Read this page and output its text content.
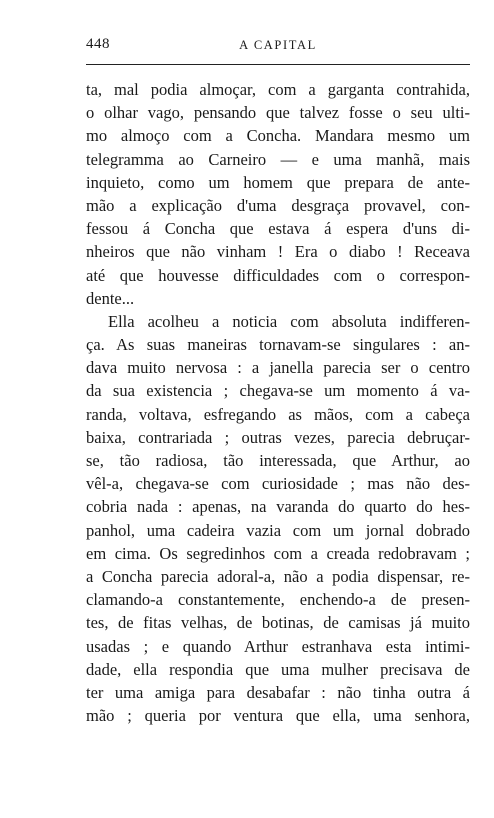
448	A CAPITAL
ta, mal podia almoçar, com a garganta contrahida,
o olhar vago, pensando que talvez fosse o seu ulti-
mo almoço com a Concha. Mandara mesmo um
telegramma ao Carneiro — e uma manhã, mais
inquieto, como um homem que prepara de ante-
mão a explicação d'uma desgraça provavel, con-
fessou á Concha que estava á espera d'uns di-
nheiros que não vinham ! Era o diabo ! Receava
até que houvesse difficuldades com o correspon-
dente...
Ella acolheu a noticia com absoluta indifferen-
ça. As suas maneiras tornavam-se singulares : an-
dava muito nervosa : a janella parecia ser o centro
da sua existencia ; chegava-se um momento á va-
randa, voltava, esfregando as mãos, com a cabeça
baixa, contrariada ; outras vezes, parecia debruçar-
se, tão radiosa, tão interessada, que Arthur, ao
vêl-a, chegava-se com curiosidade ; mas não des-
cobria nada : apenas, na varanda do quarto do hes-
panhol, uma cadeira vazia com um jornal dobrado
em cima. Os segredinhos com a creada redobravam ;
a Concha parecia adoral-a, não a podia dispensar, re-
clamando-a constantemente, enchendo-a de presen-
tes, de fitas velhas, de botinas, de camisas já muito
usadas ; e quando Arthur estranhava esta intimi-
dade, ella respondia que uma mulher precisava de
ter uma amiga para desabafar : não tinha outra á
mão ; queria por ventura que ella, uma senhora,
